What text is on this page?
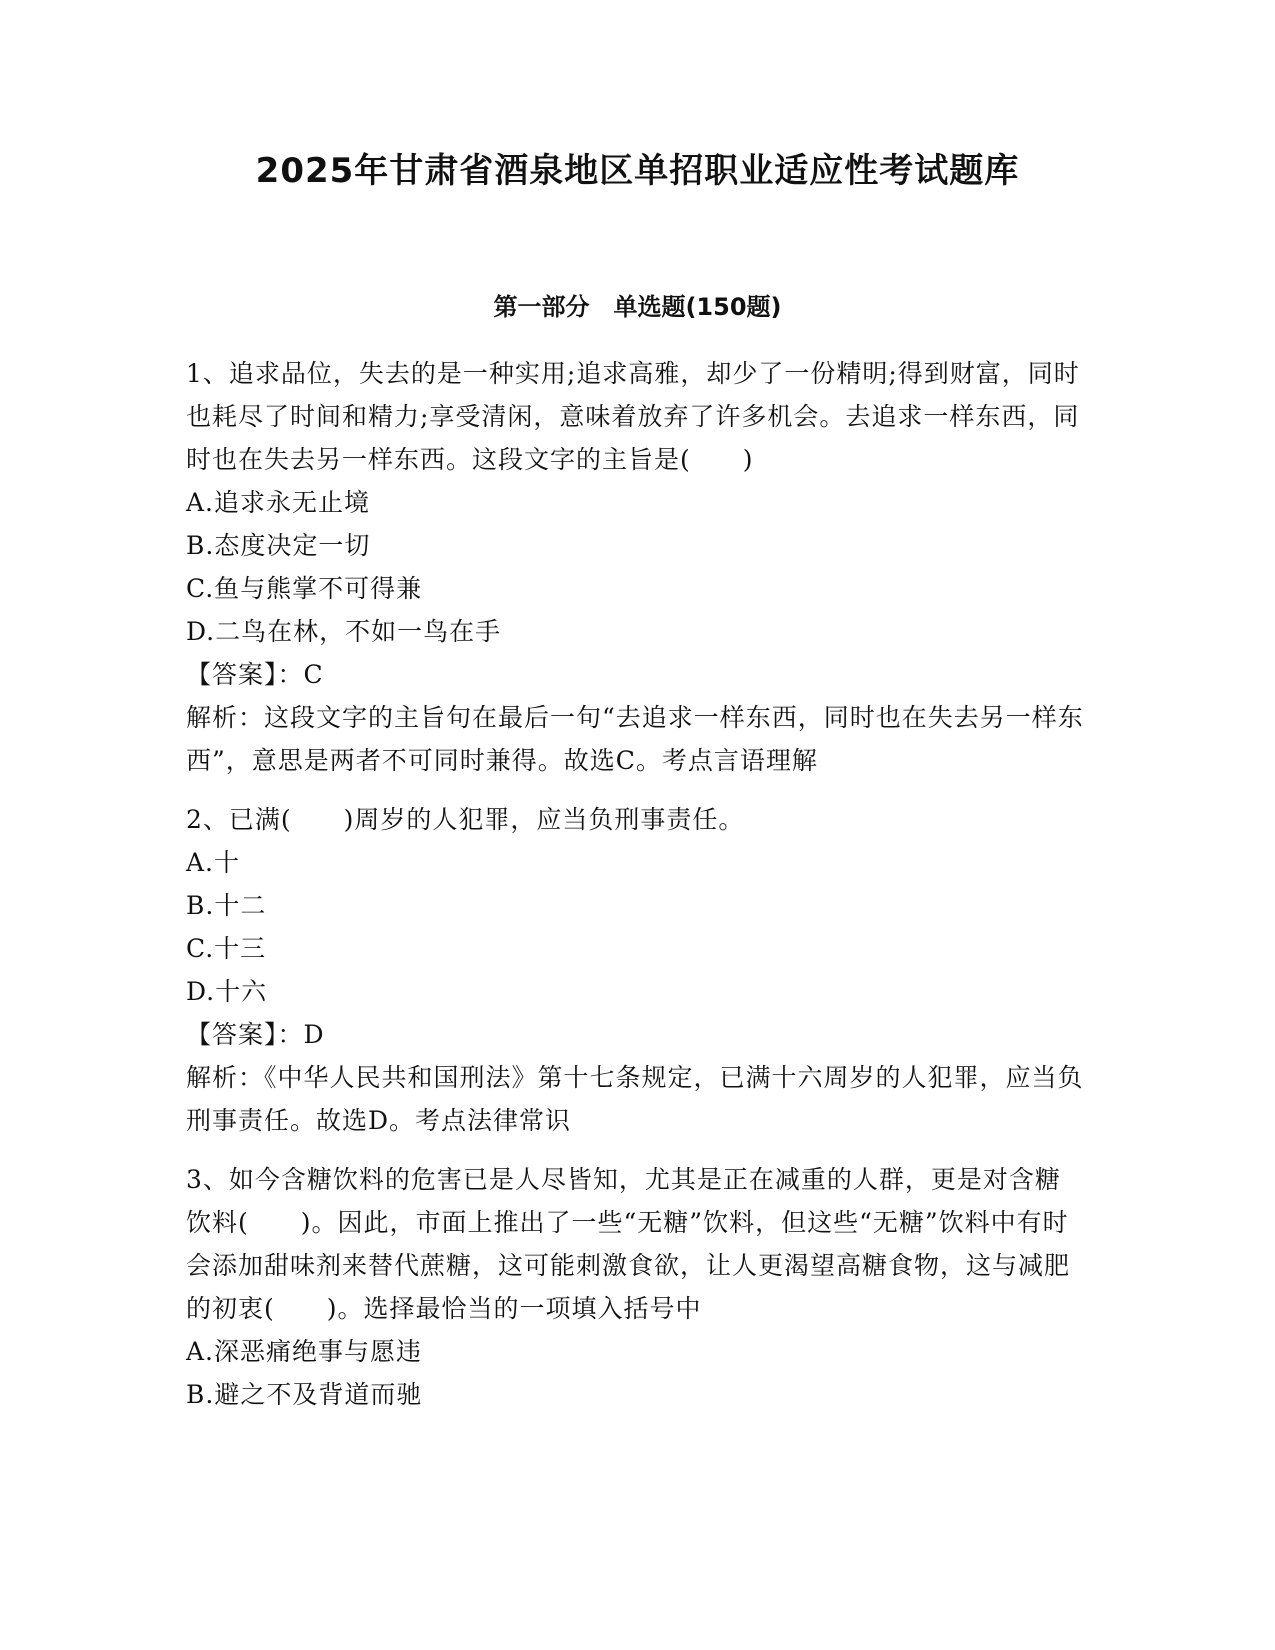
2025年甘肃省酒泉地区单招职业适应性考试题库
第一部分　单选题(150题)

1、追求品位，失去的是一种实用;追求高雅，却少了一份精明;得到财富，同时也耗尽了时间和精力;享受清闲，意味着放弃了许多机会。去追求一样东西，同时也在失去另一样东西。这段文字的主旨是(　　)

A.追求永无止境

B.态度决定一切

C.鱼与熊掌不可得兼

D.二鸟在林，不如一鸟在手

【答案】：C

解析：这段文字的主旨句在最后一句“去追求一样东西，同时也在失去另一样东西”，意思是两者不可同时兼得。故选C。考点言语理解

2、已满(　　)周岁的人犯罪，应当负刑事责任。

A.十

B.十二

C.十三

D.十六

【答案】：D

解析：《中华人民共和国刑法》第十七条规定，已满十六周岁的人犯罪，应当负刑事责任。故选D。考点法律常识

3、如今含糖饮料的危害已是人尽皆知，尤其是正在减重的人群，更是对含糖饮料(　　)。因此，市面上推出了一些“无糖”饮料，但这些“无糖”饮料中有时会添加甜味剂来替代蔗糖，这可能刺激食欲，让人更渴望高糖食物，这与减肥的初衷(　　)。选择最恰当的一项填入括号中

A.深恶痛绝事与愿违

B.避之不及背道而驰
